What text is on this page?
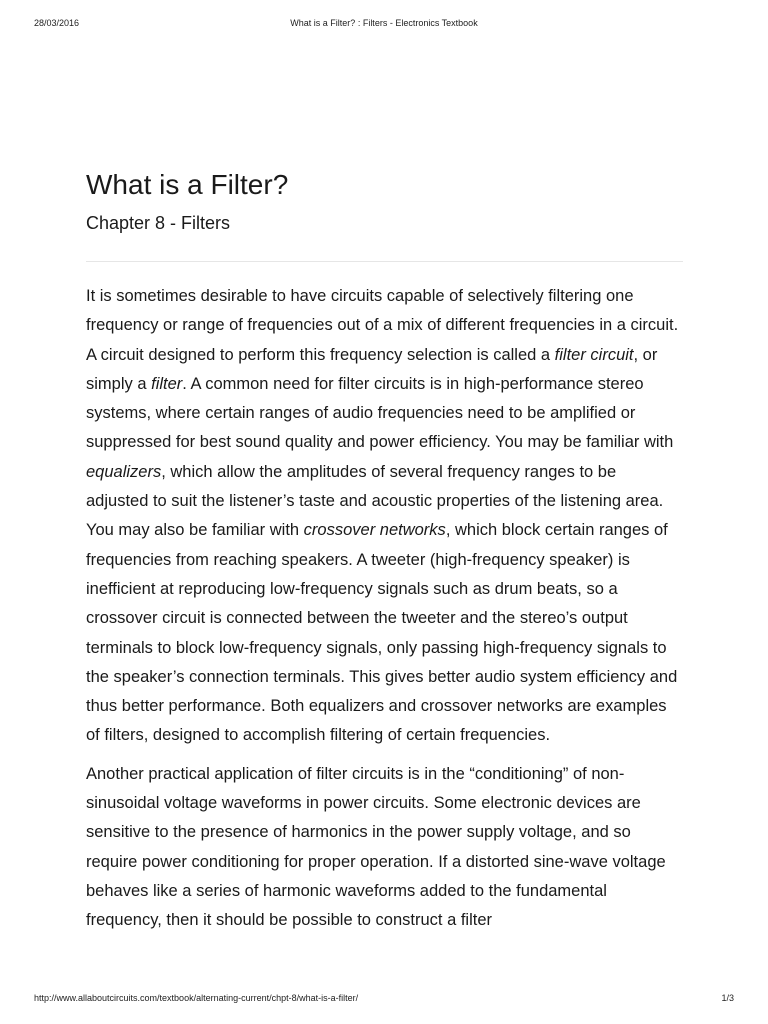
28/03/2016	What is a Filter? : Filters - Electronics Textbook
What is a Filter?
Chapter 8 - Filters

It is sometimes desirable to have circuits capable of selectively filtering one frequency or range of frequencies out of a mix of different frequencies in a circuit. A circuit designed to perform this frequency selection is called a filter circuit, or simply a filter. A common need for filter circuits is in high-performance stereo systems, where certain ranges of audio frequencies need to be amplified or suppressed for best sound quality and power efficiency. You may be familiar with equalizers, which allow the amplitudes of several frequency ranges to be adjusted to suit the listener’s taste and acoustic properties of the listening area. You may also be familiar with crossover networks, which block certain ranges of frequencies from reaching speakers. A tweeter (high-frequency speaker) is inefficient at reproducing low-frequency signals such as drum beats, so a crossover circuit is connected between the tweeter and the stereo’s output terminals to block low-frequency signals, only passing high-frequency signals to the speaker’s connection terminals. This gives better audio system efficiency and thus better performance. Both equalizers and crossover networks are examples of filters, designed to accomplish filtering of certain frequencies.

Another practical application of filter circuits is in the “conditioning” of non-sinusoidal voltage waveforms in power circuits. Some electronic devices are sensitive to the presence of harmonics in the power supply voltage, and so require power conditioning for proper operation. If a distorted sine-wave voltage behaves like a series of harmonic waveforms added to the fundamental frequency, then it should be possible to construct a filter

http://www.allaboutcircuits.com/textbook/alternating-current/chpt-8/what-is-a-filter/	1/3
